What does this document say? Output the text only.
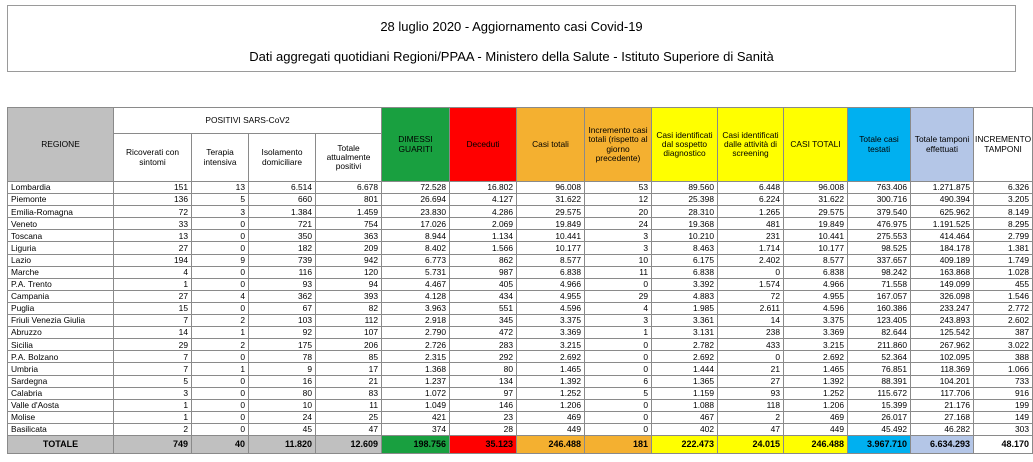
28 luglio 2020 - Aggiornamento casi Covid-19
Dati aggregati quotidiani Regioni/PPAA - Ministero della Salute - Istituto Superiore di Sanità
REGIONE	POSITIVI SARS-CoV2				DIMESSI GUARITI	Deceduti	Casi totali	Incremento casi totali (rispetto al giorno precedente)	Casi identificati dal sospetto diagnostico	Casi identificati dalle attività di screening	CASI TOTALI	Totale casi testati	Totale tamponi effettuati	INCREMENTO TAMPONI
	Ricoverati con sintomi	Terapia intensiva	Isolamento domiciliare	Totale attualmente positivi										
Lombardia	151	13	6.514	6.678	72.528	16.802	96.008	53	89.560	6.448	96.008	763.406	1.271.875	6.326
Piemonte	136	5	660	801	26.694	4.127	31.622	12	25.398	6.224	31.622	300.716	490.394	3.205
Emilia-Romagna	72	3	1.384	1.459	23.830	4.286	29.575	20	28.310	1.265	29.575	379.540	625.962	8.149
Veneto	33	0	721	754	17.026	2.069	19.849	24	19.368	481	19.849	476.975	1.191.525	8.295
Toscana	13	0	350	363	8.944	1.134	10.441	3	10.210	231	10.441	275.553	414.464	2.799
Liguria	27	0	182	209	8.402	1.566	10.177	3	8.463	1.714	10.177	98.525	184.178	1.381
Lazio	194	9	739	942	6.773	862	8.577	10	6.175	2.402	8.577	337.657	409.189	1.749
Marche	4	0	116	120	5.731	987	6.838	11	6.838	0	6.838	98.242	163.868	1.028
P.A. Trento	1	0	93	94	4.467	405	4.966	0	3.392	1.574	4.966	71.558	149.099	455
Campania	27	4	362	393	4.128	434	4.955	29	4.883	72	4.955	167.057	326.098	1.546
Puglia	15	0	67	82	3.963	551	4.596	4	1.985	2.611	4.596	160.386	233.247	2.772
Friuli Venezia Giulia	7	2	103	112	2.918	345	3.375	3	3.361	14	3.375	123.405	243.893	2.602
Abruzzo	14	1	92	107	2.790	472	3.369	1	3.131	238	3.369	82.644	125.542	387
Sicilia	29	2	175	206	2.726	283	3.215	0	2.782	433	3.215	211.860	267.962	3.022
P.A. Bolzano	7	0	78	85	2.315	292	2.692	0	2.692	0	2.692	52.364	102.095	388
Umbria	7	1	9	17	1.368	80	1.465	0	1.444	21	1.465	76.851	118.369	1.066
Sardegna	5	0	16	21	1.237	134	1.392	6	1.365	27	1.392	88.391	104.201	733
Calabria	3	0	80	83	1.072	97	1.252	5	1.159	93	1.252	115.672	117.706	916
Valle d'Aosta	1	0	10	11	1.049	146	1.206	0	1.088	118	1.206	15.399	21.176	199
Molise	1	0	24	25	421	23	469	0	467	2	469	26.017	27.168	149
Basilicata	2	0	45	47	374	28	449	0	402	47	449	45.492	46.282	303
TOTALE	749	40	11.820	12.609	198.756	35.123	246.488	181	222.473	24.015	246.488	3.967.710	6.634.293	48.170
